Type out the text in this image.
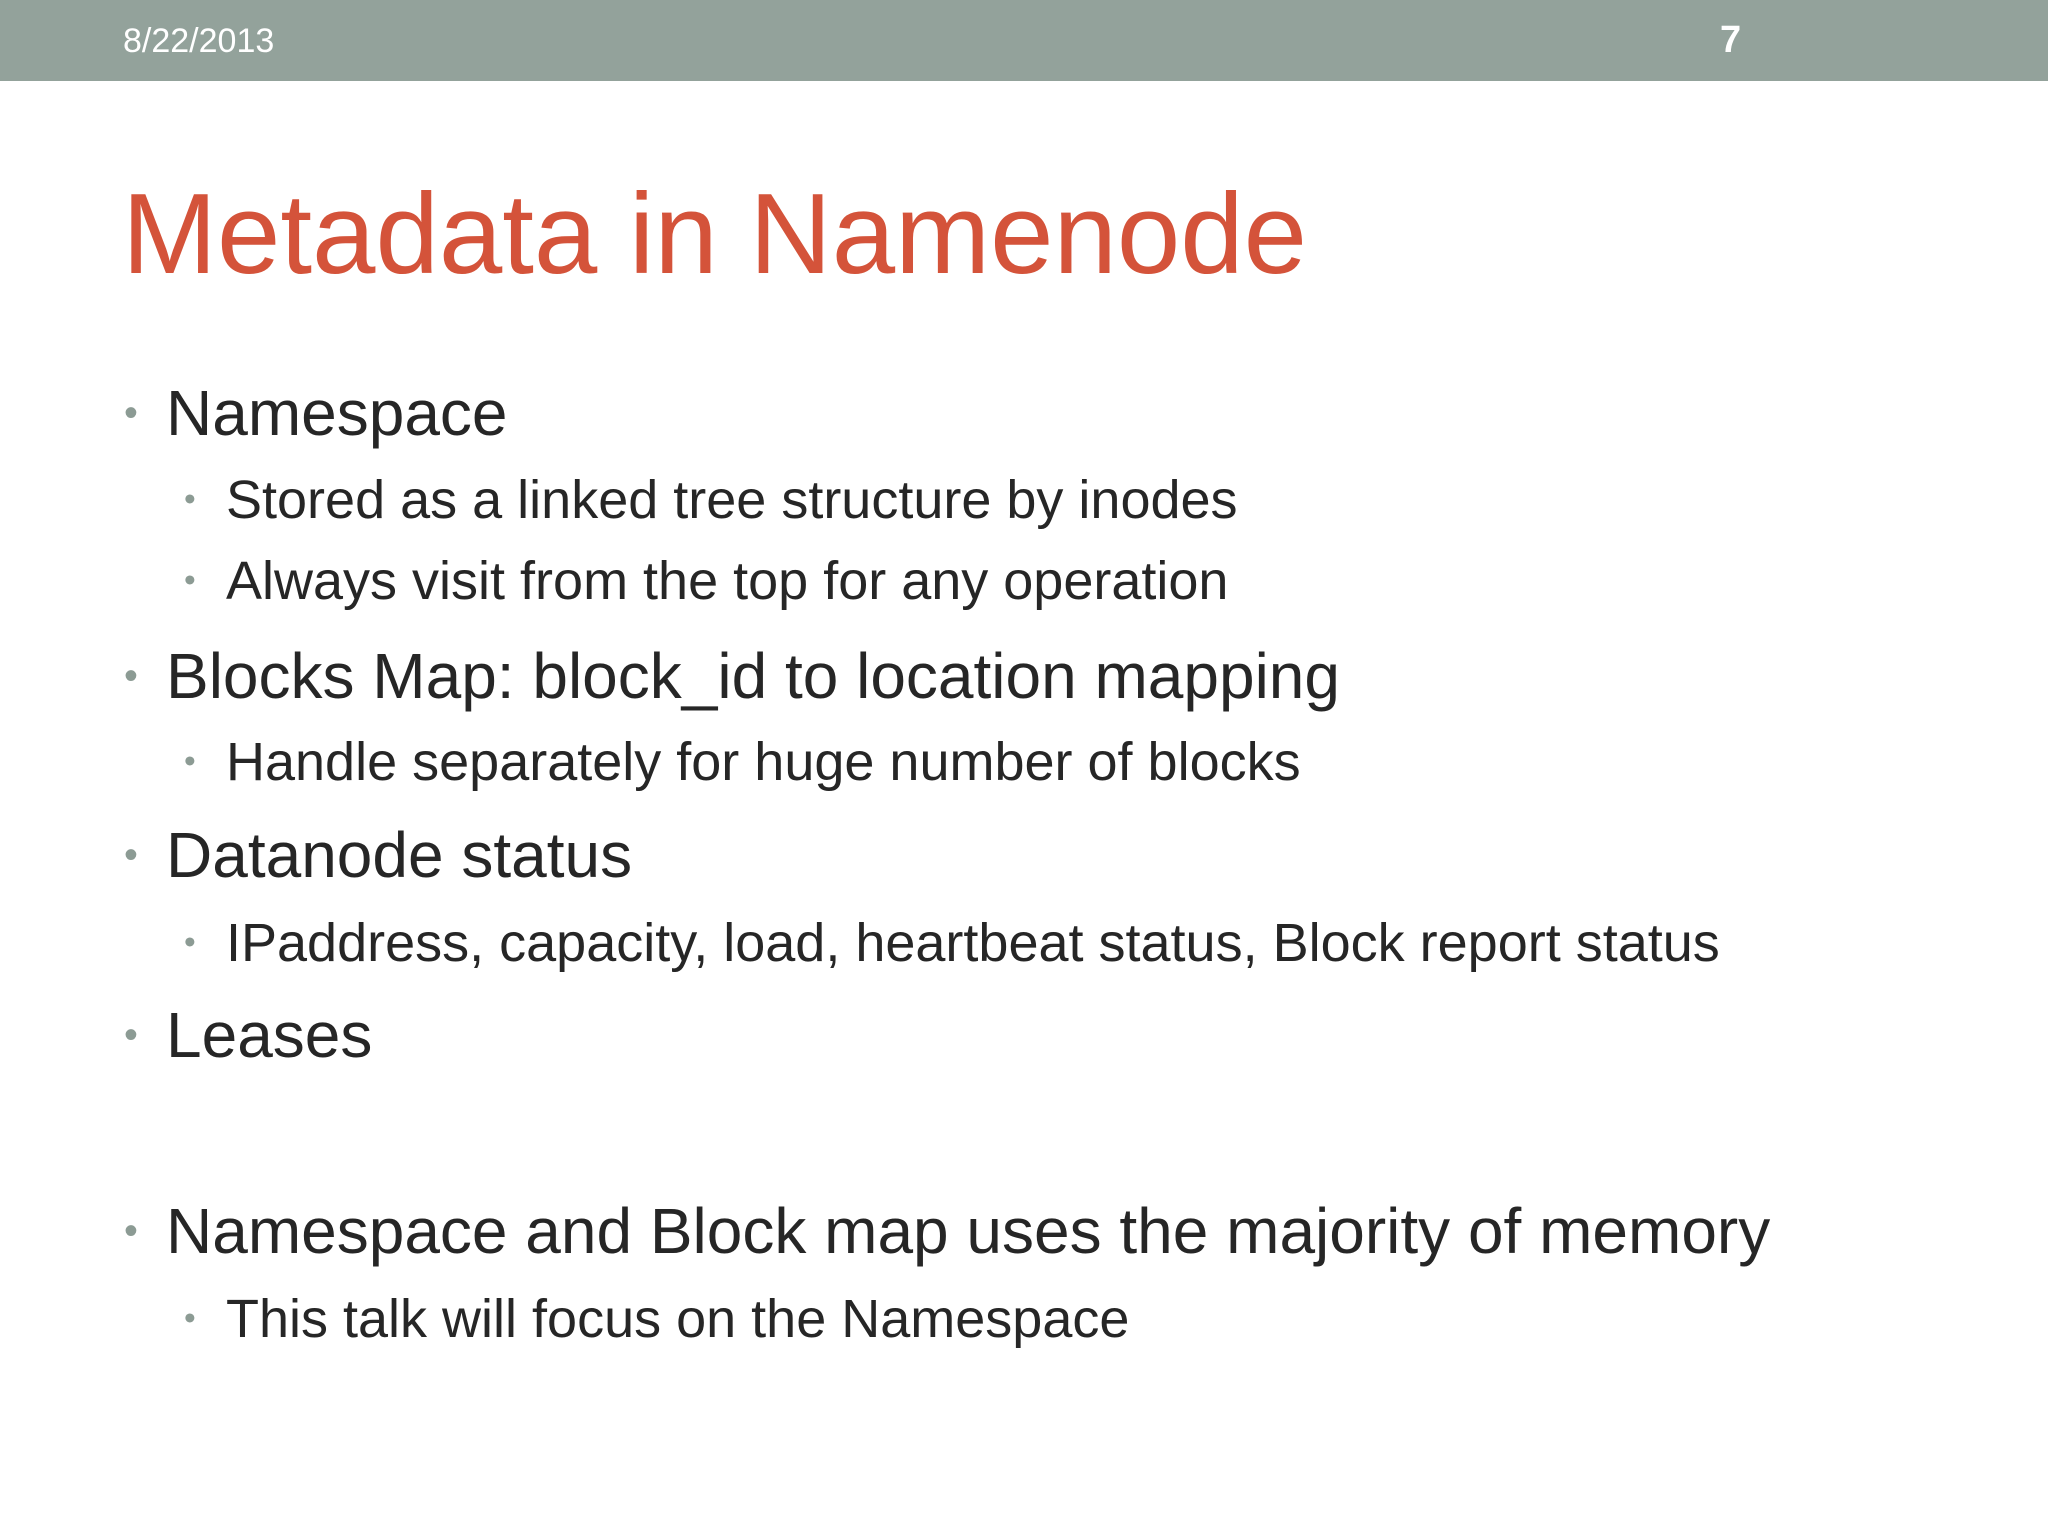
8/22/2013	7
Metadata in Namenode
• Namespace
• Stored as a linked tree structure by inodes
• Always visit from the top for any operation
• Blocks Map: block_id to location mapping
• Handle separately for huge number of blocks
• Datanode status
• IPaddress, capacity, load, heartbeat status, Block report status
• Leases
• Namespace and Block map uses the majority of memory
• This talk will focus on the Namespace
